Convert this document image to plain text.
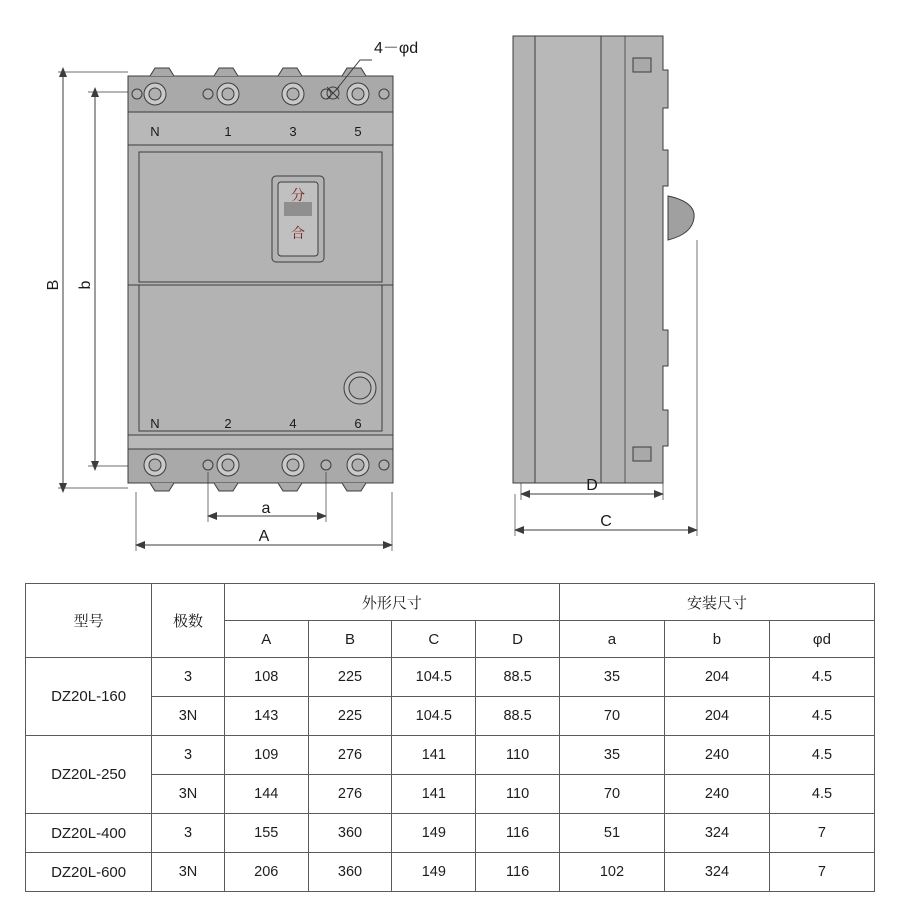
4－φd
N	1	3	5
N	2	4	6
分
合
B b
a
A
D
C
型号	极数	外形尺寸				安装尺寸		
		A	B	C	D	a	b	φd
DZ20L-160	3	108	225	104.5	88.5	35	204	4.5
	3N	143	225	104.5	88.5	70	204	4.5
DZ20L-250	3	109	276	141	110	35	240	4.5
	3N	144	276	141	110	70	240	4.5
DZ20L-400	3	155	360	149	116	51	324	7
DZ20L-600	3N	206	360	149	116	102	324	7
